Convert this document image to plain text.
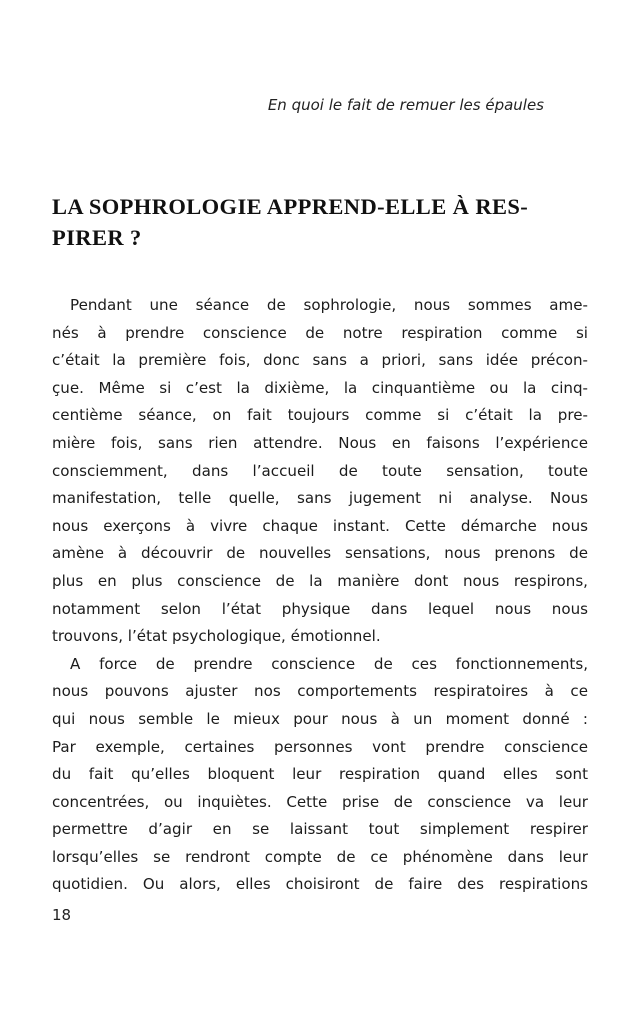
En quoi le fait de remuer les épaules
LA SOPHROLOGIE APPREND-ELLE À RES-
PIRER ?
Pendant une séance de sophrologie, nous sommes ame-
nés à prendre conscience de notre respiration comme si
c’était la première fois, donc sans a priori, sans idée précon-
çue. Même si c’est la dixième, la cinquantième ou la cinq-
centième séance, on fait toujours comme si c’était la pre-
mière fois, sans rien attendre. Nous en faisons l’expérience
consciemment, dans l’accueil de toute sensation, toute
manifestation, telle quelle, sans jugement ni analyse. Nous
nous exerçons à vivre chaque instant. Cette démarche nous
amène à découvrir de nouvelles sensations, nous prenons de
plus en plus conscience de la manière dont nous respirons,
notamment selon l’état physique dans lequel nous nous
trouvons, l’état psychologique, émotionnel.
A force de prendre conscience de ces fonctionnements,
nous pouvons ajuster nos comportements respiratoires à ce
qui nous semble le mieux pour nous à un moment donné :
Par exemple, certaines personnes vont prendre conscience
du fait qu’elles bloquent leur respiration quand elles sont
concentrées, ou inquiètes. Cette prise de conscience va leur
permettre d’agir en se laissant tout simplement respirer
lorsqu’elles se rendront compte de ce phénomène dans leur
quotidien. Ou alors, elles choisiront de faire des respirations
18
